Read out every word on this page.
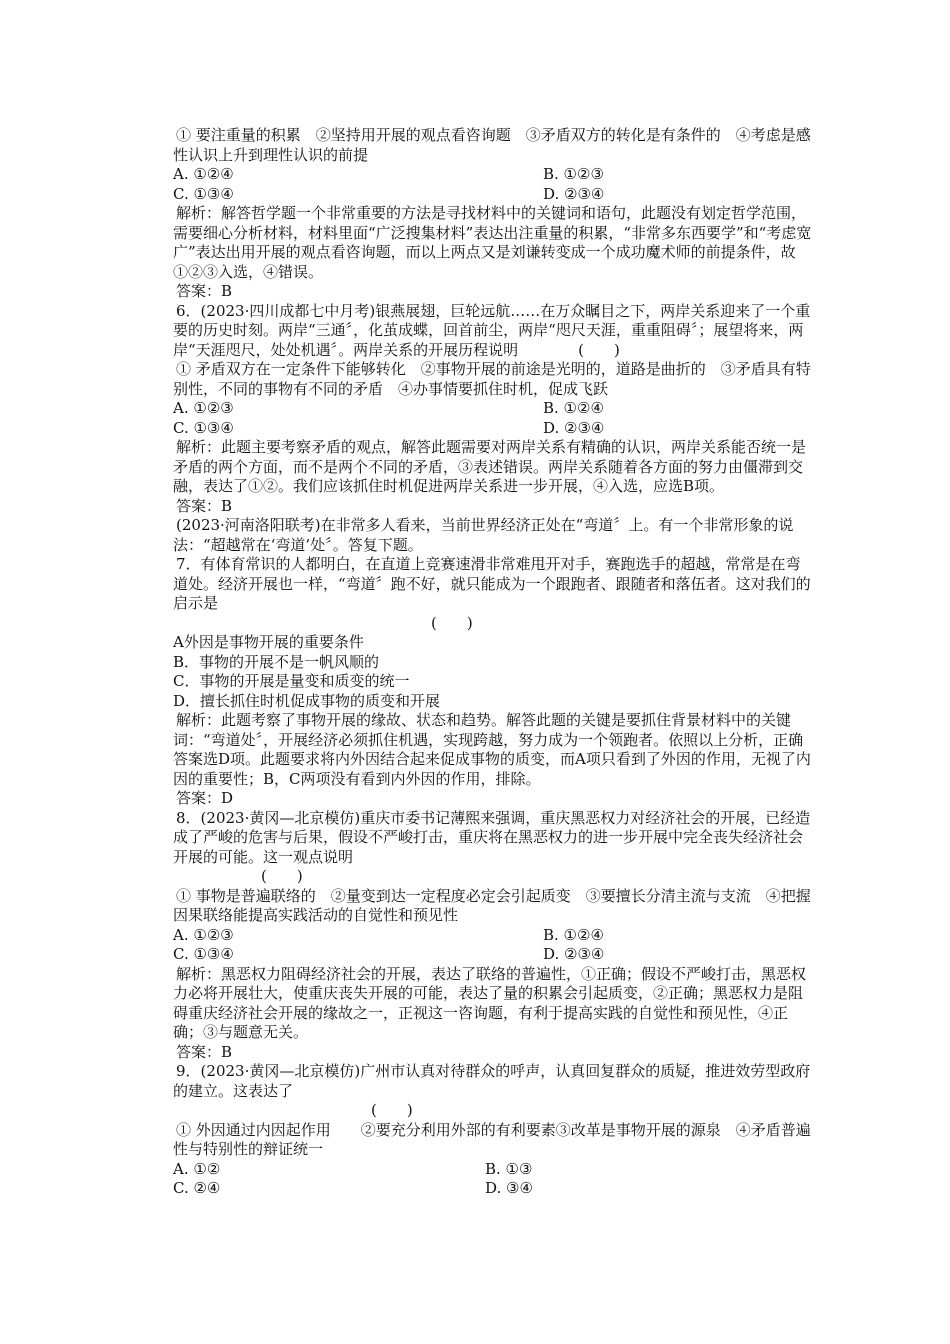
① 要注重量的积累　②坚持用开展的观点看咨询题　③矛盾双方的转化是有条件的　④考虑是感性认识上升到理性认识的前提

A. ①②④	B. ①②③
C. ①③④	D. ②③④

解析：解答哲学题一个非常重要的方法是寻找材料中的关键词和语句，此题没有划定哲学范围，需要细心分析材料，材料里面“广泛搜集材料”表达出注重量的积累，“非常多东西要学”和“考虑宽广”表达出用开展的观点看咨询题，而以上两点又是刘谦转变成一个成功魔术师的前提条件，故①②③入选，④错误。

答案：B

6．(2023·四川成都七中月考)银燕展翅，巨轮远航……在万众瞩目之下，两岸关系迎来了一个重要的历史时刻。两岸“三通〞，化茧成蝶，回首前尘，两岸“咫尺天涯，重重阻碍〞；展望将来，两岸“天涯咫尺，处处机遇〞。两岸关系的开展历程说明　　　　(　　)

① 矛盾双方在一定条件下能够转化　②事物开展的前途是光明的，道路是曲折的　③矛盾具有特别性，不同的事物有不同的矛盾　④办事情要抓住时机，促成飞跃

A. ①②③	B. ①②④
C. ①③④	D. ②③④

解析：此题主要考察矛盾的观点，解答此题需要对两岸关系有精确的认识，两岸关系能否统一是矛盾的两个方面，而不是两个不同的矛盾，③表述错误。两岸关系随着各方面的努力由僵滞到交融，表达了①②。我们应该抓住时机促进两岸关系进一步开展，④入选，应选B项。

答案：B

(2023·河南洛阳联考)在非常多人看来，当前世界经济正处在“弯道〞上。有一个非常形象的说法：“超越常在‘弯道’处〞。答复下题。

7．有体育常识的人都明白，在直道上竞赛速滑非常难甩开对手，赛跑选手的超越，常常是在弯道处。经济开展也一样，“弯道〞跑不好，就只能成为一个跟跑者、跟随者和落伍者。这对我们的启示是

(　　)

A外因是事物开展的重要条件

B．事物的开展不是一帆风顺的

C．事物的开展是量变和质变的统一

D．擅长抓住时机促成事物的质变和开展

解析：此题考察了事物开展的缘故、状态和趋势。解答此题的关键是要抓住背景材料中的关键词：“弯道处〞，开展经济必须抓住机遇，实现跨越，努力成为一个领跑者。依照以上分析，正确答案选D项。此题要求将内外因结合起来促成事物的质变，而A项只看到了外因的作用，无视了内因的重要性；B，C两项没有看到内外因的作用，排除。

答案：D

8．(2023·黄冈—北京模仿)重庆市委书记薄熙来强调，重庆黑恶权力对经济社会的开展，已经造成了严峻的危害与后果，假设不严峻打击，重庆将在黑恶权力的进一步开展中完全丧失经济社会开展的可能。这一观点说明

(　　)

① 事物是普遍联络的　②量变到达一定程度必定会引起质变　③要擅长分清主流与支流　④把握因果联络能提高实践活动的自觉性和预见性

A. ①②③	B. ①②④
C. ①③④	D. ②③④

解析：黑恶权力阻碍经济社会的开展，表达了联络的普遍性，①正确；假设不严峻打击，黑恶权力必将开展壮大，使重庆丧失开展的可能，表达了量的积累会引起质变，②正确；黑恶权力是阻碍重庆经济社会开展的缘故之一，正视这一咨询题，有利于提高实践的自觉性和预见性，④正确；③与题意无关。

答案：B

9．(2023·黄冈—北京模仿)广州市认真对待群众的呼声，认真回复群众的质疑，推进效劳型政府的建立。这表达了

(　　)

① 外因通过内因起作用　　②要充分利用外部的有利要素③改革是事物开展的源泉　④矛盾普遍性与特别性的辩证统一

A. ①②	B. ①③
C. ②④	D. ③④
